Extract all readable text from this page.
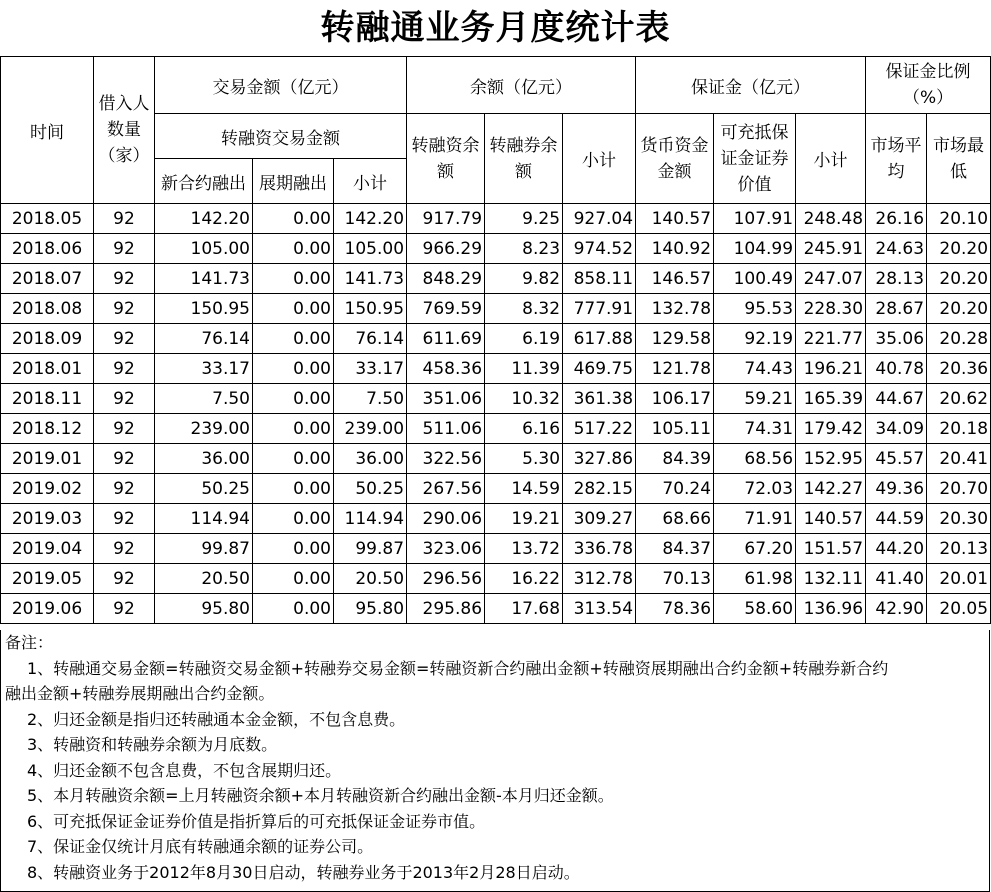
转融通业务月度统计表
时间	借入人数量（家）	交易金额（亿元）			余额（亿元）			保证金（亿元）			保证金比例（%）	
		转融资交易金额			转融资余额	转融券余额	小计	货币资金金额	可充抵保证金证券价值	小计	市场平均	市场最低
		新合约融出	展期融出	小计								
2018.05	92	142.20	0.00	142.20	917.79	9.25	927.04	140.57	107.91	248.48	26.16	20.10
2018.06	92	105.00	0.00	105.00	966.29	8.23	974.52	140.92	104.99	245.91	24.63	20.20
2018.07	92	141.73	0.00	141.73	848.29	9.82	858.11	146.57	100.49	247.07	28.13	20.20
2018.08	92	150.95	0.00	150.95	769.59	8.32	777.91	132.78	95.53	228.30	28.67	20.20
2018.09	92	76.14	0.00	76.14	611.69	6.19	617.88	129.58	92.19	221.77	35.06	20.28
2018.01	92	33.17	0.00	33.17	458.36	11.39	469.75	121.78	74.43	196.21	40.78	20.36
2018.11	92	7.50	0.00	7.50	351.06	10.32	361.38	106.17	59.21	165.39	44.67	20.62
2018.12	92	239.00	0.00	239.00	511.06	6.16	517.22	105.11	74.31	179.42	34.09	20.18
2019.01	92	36.00	0.00	36.00	322.56	5.30	327.86	84.39	68.56	152.95	45.57	20.41
2019.02	92	50.25	0.00	50.25	267.56	14.59	282.15	70.24	72.03	142.27	49.36	20.70
2019.03	92	114.94	0.00	114.94	290.06	19.21	309.27	68.66	71.91	140.57	44.59	20.30
2019.04	92	99.87	0.00	99.87	323.06	13.72	336.78	84.37	67.20	151.57	44.20	20.13
2019.05	92	20.50	0.00	20.50	296.56	16.22	312.78	70.13	61.98	132.11	41.40	20.01
2019.06	92	95.80	0.00	95.80	295.86	17.68	313.54	78.36	58.60	136.96	42.90	20.05
备注：
1、转融通交易金额=转融资交易金额+转融券交易金额=转融资新合约融出金额+转融资展期融出合约金额+转融券新合约
融出金额+转融券展期融出合约金额。
2、归还金额是指归还转融通本金金额，不包含息费。
3、转融资和转融券余额为月底数。
4、归还金额不包含息费，不包含展期归还。
5、本月转融资余额=上月转融资余额+本月转融资新合约融出金额-本月归还金额。
6、可充抵保证金证券价值是指折算后的可充抵保证金证券市值。
7、保证金仅统计月底有转融通余额的证券公司。
8、转融资业务于2012年8月30日启动，转融券业务于2013年2月28日启动。
